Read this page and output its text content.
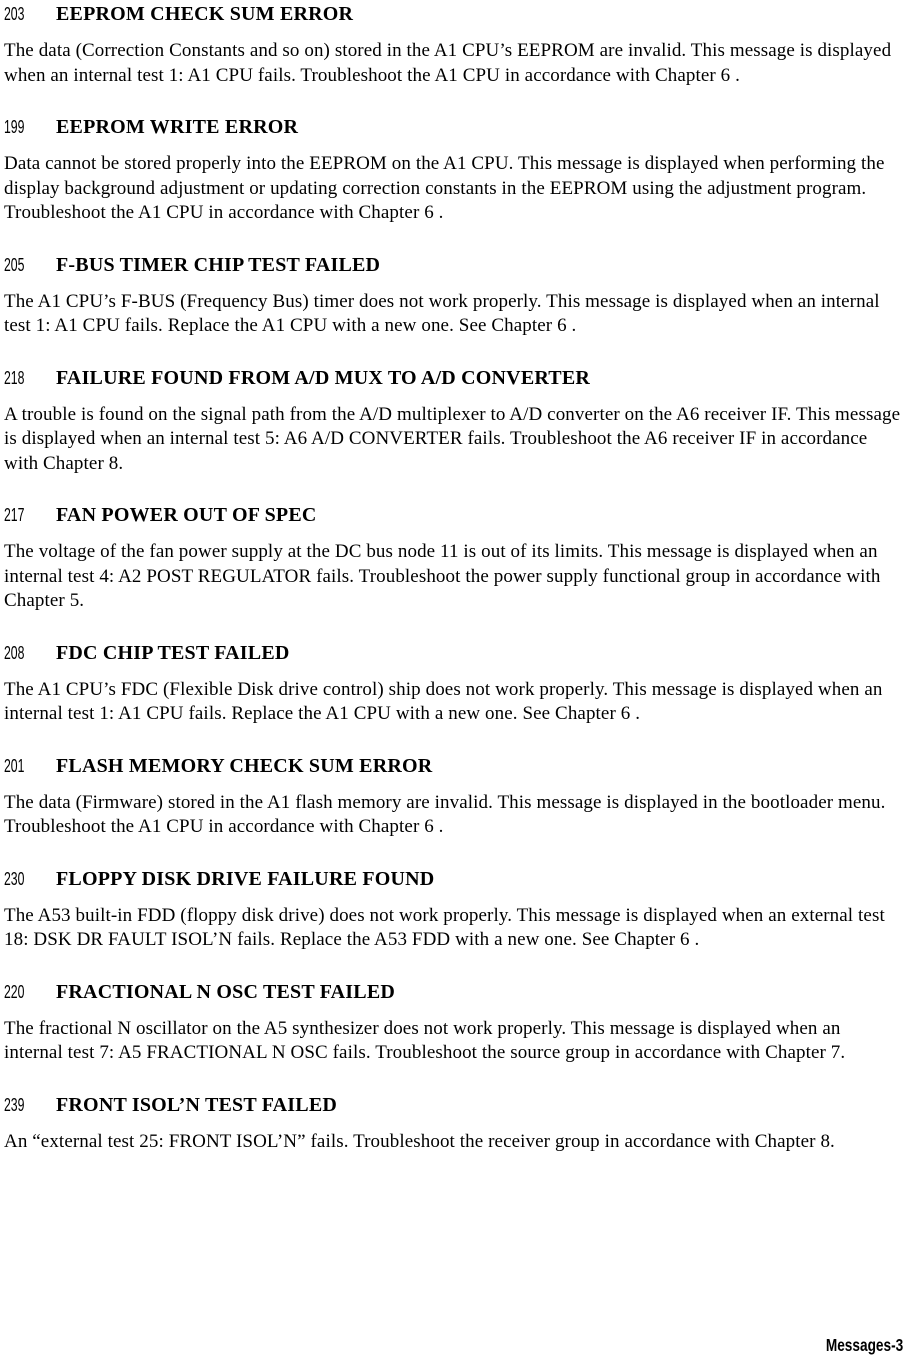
203	EEPROM CHECK SUM ERROR

The data (Correction Constants and so on) stored in the A1 CPU’s EEPROM are invalid. This message is displayed when an internal test 1: A1 CPU fails. Troubleshoot the A1 CPU in accordance with Chapter 6 .

199	EEPROM WRITE ERROR

Data cannot be stored properly into the EEPROM on the A1 CPU. This message is displayed when performing the display background adjustment or updating correction constants in the EEPROM using the adjustment program. Troubleshoot the A1 CPU in accordance with Chapter 6 .

205	F-BUS TIMER CHIP TEST FAILED

The A1 CPU’s F-BUS (Frequency Bus) timer does not work properly. This message is displayed when an internal test 1: A1 CPU fails. Replace the A1 CPU with a new one. See Chapter 6 .

218	FAILURE FOUND FROM A/D MUX TO A/D CONVERTER

A trouble is found on the signal path from the A/D multiplexer to A/D converter on the A6 receiver IF. This message is displayed when an internal test 5: A6 A/D CONVERTER fails. Troubleshoot the A6 receiver IF in accordance with Chapter 8.

217	FAN POWER OUT OF SPEC

The voltage of the fan power supply at the DC bus node 11 is out of its limits. This message is displayed when an internal test 4: A2 POST REGULATOR fails. Troubleshoot the power supply functional group in accordance with Chapter 5.

208	FDC CHIP TEST FAILED

The A1 CPU’s FDC (Flexible Disk drive control) ship does not work properly. This message is displayed when an internal test 1: A1 CPU fails. Replace the A1 CPU with a new one. See Chapter 6 .

201	FLASH MEMORY CHECK SUM ERROR

The data (Firmware) stored in the A1 flash memory are invalid. This message is displayed in the bootloader menu. Troubleshoot the A1 CPU in accordance with Chapter 6 .

230	FLOPPY DISK DRIVE FAILURE FOUND

The A53 built-in FDD (floppy disk drive) does not work properly. This message is displayed when an external test 18: DSK DR FAULT ISOL’N fails. Replace the A53 FDD with a new one. See Chapter 6 .

220	FRACTIONAL N OSC TEST FAILED

The fractional N oscillator on the A5 synthesizer does not work properly. This message is displayed when an internal test 7: A5 FRACTIONAL N OSC fails. Troubleshoot the source group in accordance with Chapter 7.

239	FRONT ISOL’N TEST FAILED

An “external test 25: FRONT ISOL’N” fails. Troubleshoot the receiver group in accordance with Chapter 8.

Messages-3
